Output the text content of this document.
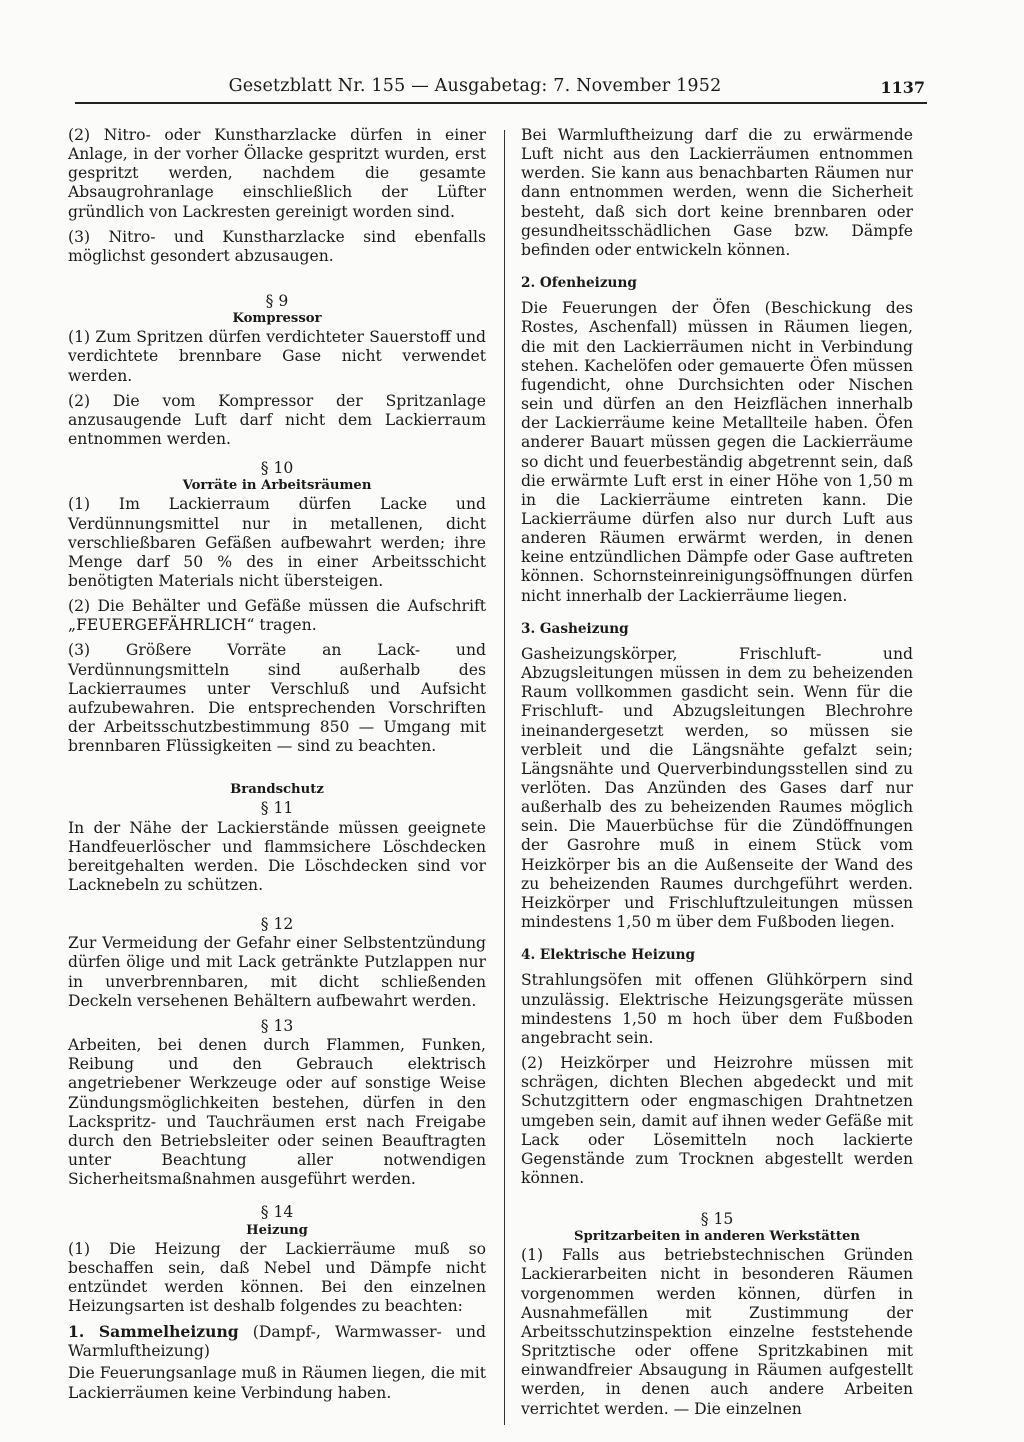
Gesetzblatt Nr. 155 — Ausgabetag: 7. November 1952	1137

(2) Nitro- oder Kunstharzlacke dürfen in einer Anlage, in der vorher Öllacke gespritzt wurden, erst gespritzt werden, nachdem die gesamte Absaugrohranlage einschließlich der Lüfter gründlich von Lackresten gereinigt worden sind.

(3) Nitro- und Kunstharzlacke sind ebenfalls möglichst gesondert abzusaugen.

§ 9
Kompressor

(1) Zum Spritzen dürfen verdichteter Sauerstoff und verdichtete brennbare Gase nicht verwendet werden.

(2) Die vom Kompressor der Spritzanlage anzusaugende Luft darf nicht dem Lackierraum entnommen werden.

§ 10
Vorräte in Arbeitsräumen

(1) Im Lackierraum dürfen Lacke und Verdünnungsmittel nur in metallenen, dicht verschließbaren Gefäßen aufbewahrt werden; ihre Menge darf 50 % des in einer Arbeitsschicht benötigten Materials nicht übersteigen.

(2) Die Behälter und Gefäße müssen die Aufschrift „FEUERGEFÄHRLICH“ tragen.

(3) Größere Vorräte an Lack- und Verdünnungsmitteln sind außerhalb des Lackierraumes unter Verschluß und Aufsicht aufzubewahren. Die entsprechenden Vorschriften der Arbeitsschutzbestimmung 850 — Umgang mit brennbaren Flüssigkeiten — sind zu beachten.

Brandschutz
§ 11

In der Nähe der Lackierstände müssen geeignete Handfeuerlöscher und flammsichere Löschdecken bereitgehalten werden. Die Löschdecken sind vor Lacknebeln zu schützen.

§ 12

Zur Vermeidung der Gefahr einer Selbstentzündung dürfen ölige und mit Lack getränkte Putzlappen nur in unverbrennbaren, mit dicht schließenden Deckeln versehenen Behältern aufbewahrt werden.

§ 13

Arbeiten, bei denen durch Flammen, Funken, Reibung und den Gebrauch elektrisch angetriebener Werkzeuge oder auf sonstige Weise Zündungsmöglichkeiten bestehen, dürfen in den Lackspritz- und Tauchräumen erst nach Freigabe durch den Betriebsleiter oder seinen Beauftragten unter Beachtung aller notwendigen Sicherheitsmaßnahmen ausgeführt werden.

§ 14
Heizung

(1) Die Heizung der Lackierräume muß so beschaffen sein, daß Nebel und Dämpfe nicht entzündet werden können. Bei den einzelnen Heizungsarten ist deshalb folgendes zu beachten:

1. Sammelheizung (Dampf-, Warmwasser- und Warmluftheizung)

Die Feuerungsanlage muß in Räumen liegen, die mit Lackierräumen keine Verbindung haben.

Bei Warmluftheizung darf die zu erwärmende Luft nicht aus den Lackierräumen entnommen werden. Sie kann aus benachbarten Räumen nur dann entnommen werden, wenn die Sicherheit besteht, daß sich dort keine brennbaren oder gesundheitsschädlichen Gase bzw. Dämpfe befinden oder entwickeln können.

2. Ofenheizung

Die Feuerungen der Öfen (Beschickung des Rostes, Aschenfall) müssen in Räumen liegen, die mit den Lackierräumen nicht in Verbindung stehen. Kachelöfen oder gemauerte Öfen müssen fugendicht, ohne Durchsichten oder Nischen sein und dürfen an den Heizflächen innerhalb der Lackierräume keine Metallteile haben. Öfen anderer Bauart müssen gegen die Lackierräume so dicht und feuerbeständig abgetrennt sein, daß die erwärmte Luft erst in einer Höhe von 1,50 m in die Lackierräume eintreten kann. Die Lackierräume dürfen also nur durch Luft aus anderen Räumen erwärmt werden, in denen keine entzündlichen Dämpfe oder Gase auftreten können. Schornsteinreinigungsöffnungen dürfen nicht innerhalb der Lackierräume liegen.

3. Gasheizung

Gasheizungskörper, Frischluft- und Abzugsleitungen müssen in dem zu beheizenden Raum vollkommen gasdicht sein. Wenn für die Frischluft- und Abzugsleitungen Blechrohre ineinandergesetzt werden, so müssen sie verbleit und die Längsnähte gefalzt sein; Längsnähte und Querverbindungsstellen sind zu verlöten. Das Anzünden des Gases darf nur außerhalb des zu beheizenden Raumes möglich sein. Die Mauerbüchse für die Zündöffnungen der Gasrohre muß in einem Stück vom Heizkörper bis an die Außenseite der Wand des zu beheizenden Raumes durchgeführt werden. Heizkörper und Frischluftzuleitungen müssen mindestens 1,50 m über dem Fußboden liegen.

4. Elektrische Heizung

Strahlungsöfen mit offenen Glühkörpern sind unzulässig. Elektrische Heizungsgeräte müssen mindestens 1,50 m hoch über dem Fußboden angebracht sein.

(2) Heizkörper und Heizrohre müssen mit schrägen, dichten Blechen abgedeckt und mit Schutzgittern oder engmaschigen Drahtnetzen umgeben sein, damit auf ihnen weder Gefäße mit Lack oder Lösemitteln noch lackierte Gegenstände zum Trocknen abgestellt werden können.

§ 15
Spritzarbeiten in anderen Werkstätten

(1) Falls aus betriebstechnischen Gründen Lackierarbeiten nicht in besonderen Räumen vorgenommen werden können, dürfen in Ausnahmefällen mit Zustimmung der Arbeitsschutzinspektion einzelne feststehende Spritztische oder offene Spritzkabinen mit einwandfreier Absaugung in Räumen aufgestellt werden, in denen auch andere Arbeiten verrichtet werden. — Die einzelnen
